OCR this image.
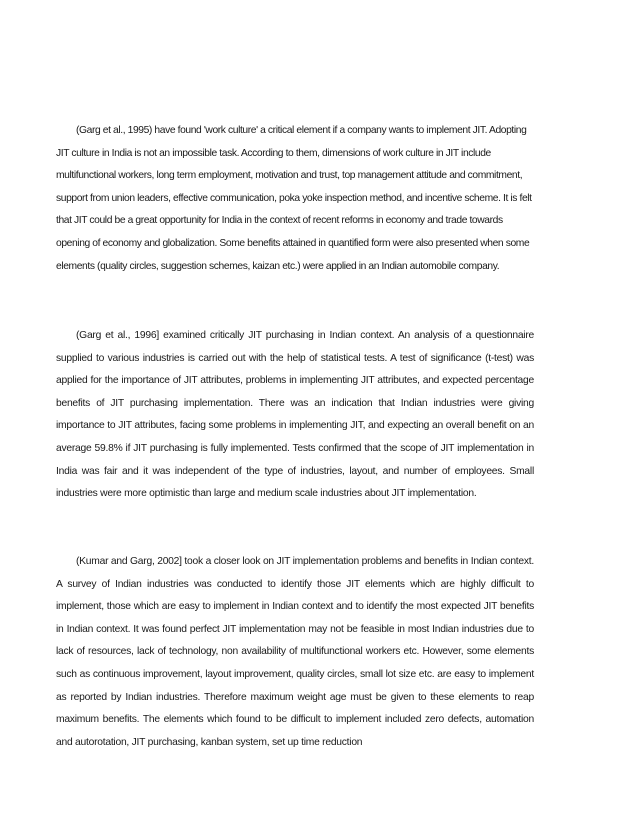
(Garg et al., 1995) have found 'work culture' a critical element if a company wants to implement JIT. Adopting JIT culture in India is not an impossible task. According to them, dimensions of work culture in JIT include multifunctional workers, long term employment, motivation and trust, top management attitude and commitment, support from union leaders, effective communication, poka yoke inspection method, and incentive scheme. It is felt that JIT could be a great opportunity for India in the context of recent reforms in economy and trade towards opening of economy and globalization. Some benefits attained in quantified form were also presented when some elements (quality circles, suggestion schemes, kaizan etc.) were applied in an Indian automobile company.

(Garg et al., 1996] examined critically JIT purchasing in Indian context. An analysis of a questionnaire supplied to various industries is carried out with the help of statistical tests. A test of significance (t-test) was applied for the importance of JIT attributes, problems in implementing JIT attributes, and expected percentage benefits of JIT purchasing implementation. There was an indication that Indian industries were giving importance to JIT attributes, facing some problems in implementing JIT, and expecting an overall benefit on an average 59.8% if JIT purchasing is fully implemented. Tests confirmed that the scope of JIT implementation in India was fair and it was independent of the type of industries, layout, and number of employees. Small industries were more optimistic than large and medium scale industries about JIT implementation.

(Kumar and Garg, 2002] took a closer look on JIT implementation problems and benefits in Indian context. A survey of Indian industries was conducted to identify those JIT elements which are highly difficult to implement, those which are easy to implement in Indian context and to identify the most expected JIT benefits in Indian context. It was found perfect JIT implementation may not be feasible in most Indian industries due to lack of resources, lack of technology, non availability of multifunctional workers etc. However, some elements such as continuous improvement, layout improvement, quality circles, small lot size etc. are easy to implement as reported by Indian industries. Therefore maximum weight age must be given to these elements to reap maximum benefits. The elements which found to be difficult to implement included zero defects, automation and autorotation, JIT purchasing, kanban system, set up time reduction
